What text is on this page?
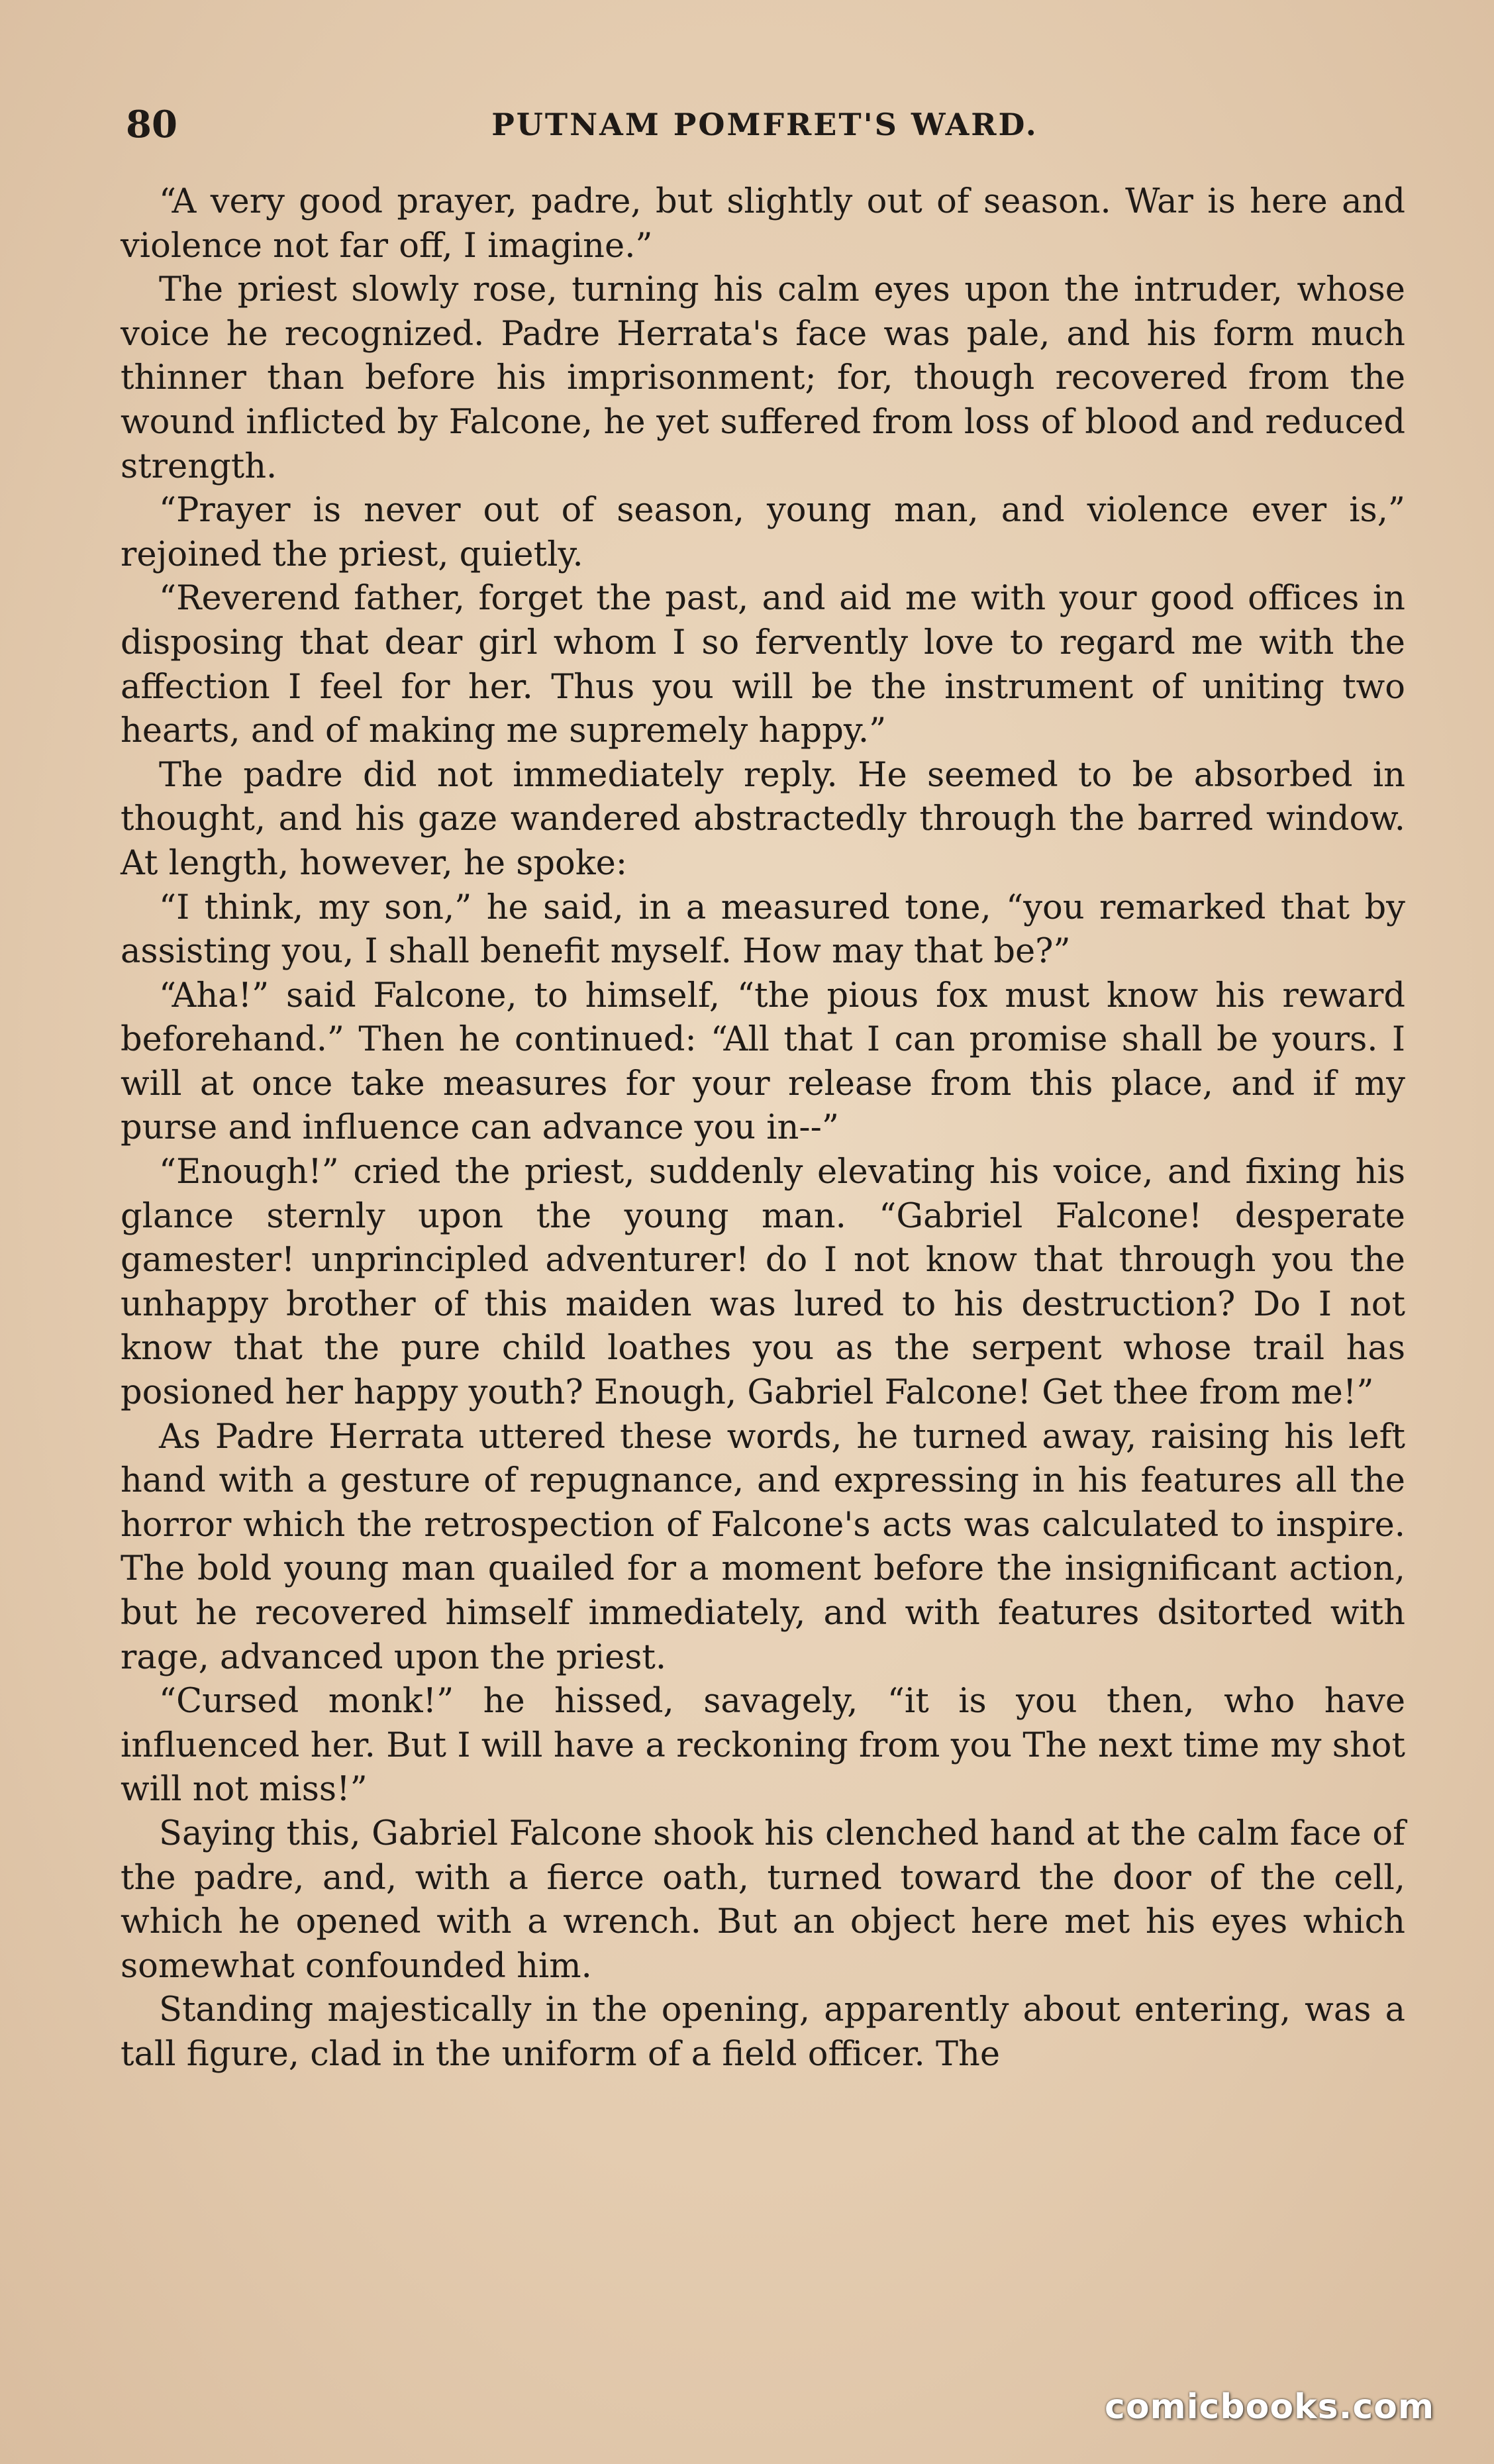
80	PUTNAM POMFRET'S WARD.

“A very good prayer, padre, but slightly out of season. War is here and violence not far off, I imagine.”

The priest slowly rose, turning his calm eyes upon the intruder, whose voice he recognized. Padre Herrata's face was pale, and his form much thinner than before his imprisonment; for, though recovered from the wound inflicted by Falcone, he yet suffered from loss of blood and reduced strength.

“Prayer is never out of season, young man, and violence ever is,” rejoined the priest, quietly.

“Reverend father, forget the past, and aid me with your good offices in disposing that dear girl whom I so fervently love to regard me with the affection I feel for her. Thus you will be the instrument of uniting two hearts, and of making me supremely happy.”

The padre did not immediately reply. He seemed to be absorbed in thought, and his gaze wandered abstractedly through the barred window. At length, however, he spoke:

“I think, my son,” he said, in a measured tone, “you remarked that by assisting you, I shall benefit myself. How may that be?”

“Aha!” said Falcone, to himself, “the pious fox must know his reward beforehand.” Then he continued: “All that I can promise shall be yours. I will at once take measures for your release from this place, and if my purse and influence can advance you in--”

“Enough!” cried the priest, suddenly elevating his voice, and fixing his glance sternly upon the young man. “Gabriel Falcone! desperate gamester! unprincipled adventurer! do I not know that through you the unhappy brother of this maiden was lured to his destruction? Do I not know that the pure child loathes you as the serpent whose trail has posioned her happy youth? Enough, Gabriel Falcone! Get thee from me!”

As Padre Herrata uttered these words, he turned away, raising his left hand with a gesture of repugnance, and expressing in his features all the horror which the retrospection of Falcone's acts was calculated to inspire. The bold young man quailed for a moment before the insignificant action, but he recovered himself immediately, and with features dsitorted with rage, advanced upon the priest.

“Cursed monk!” he hissed, savagely, “it is you then, who have influenced her. But I will have a reckoning from you The next time my shot will not miss!”

Saying this, Gabriel Falcone shook his clenched hand at the calm face of the padre, and, with a fierce oath, turned toward the door of the cell, which he opened with a wrench. But an object here met his eyes which somewhat confounded him.

Standing majestically in the opening, apparently about entering, was a tall figure, clad in the uniform of a field officer. The

comicbooks.com
